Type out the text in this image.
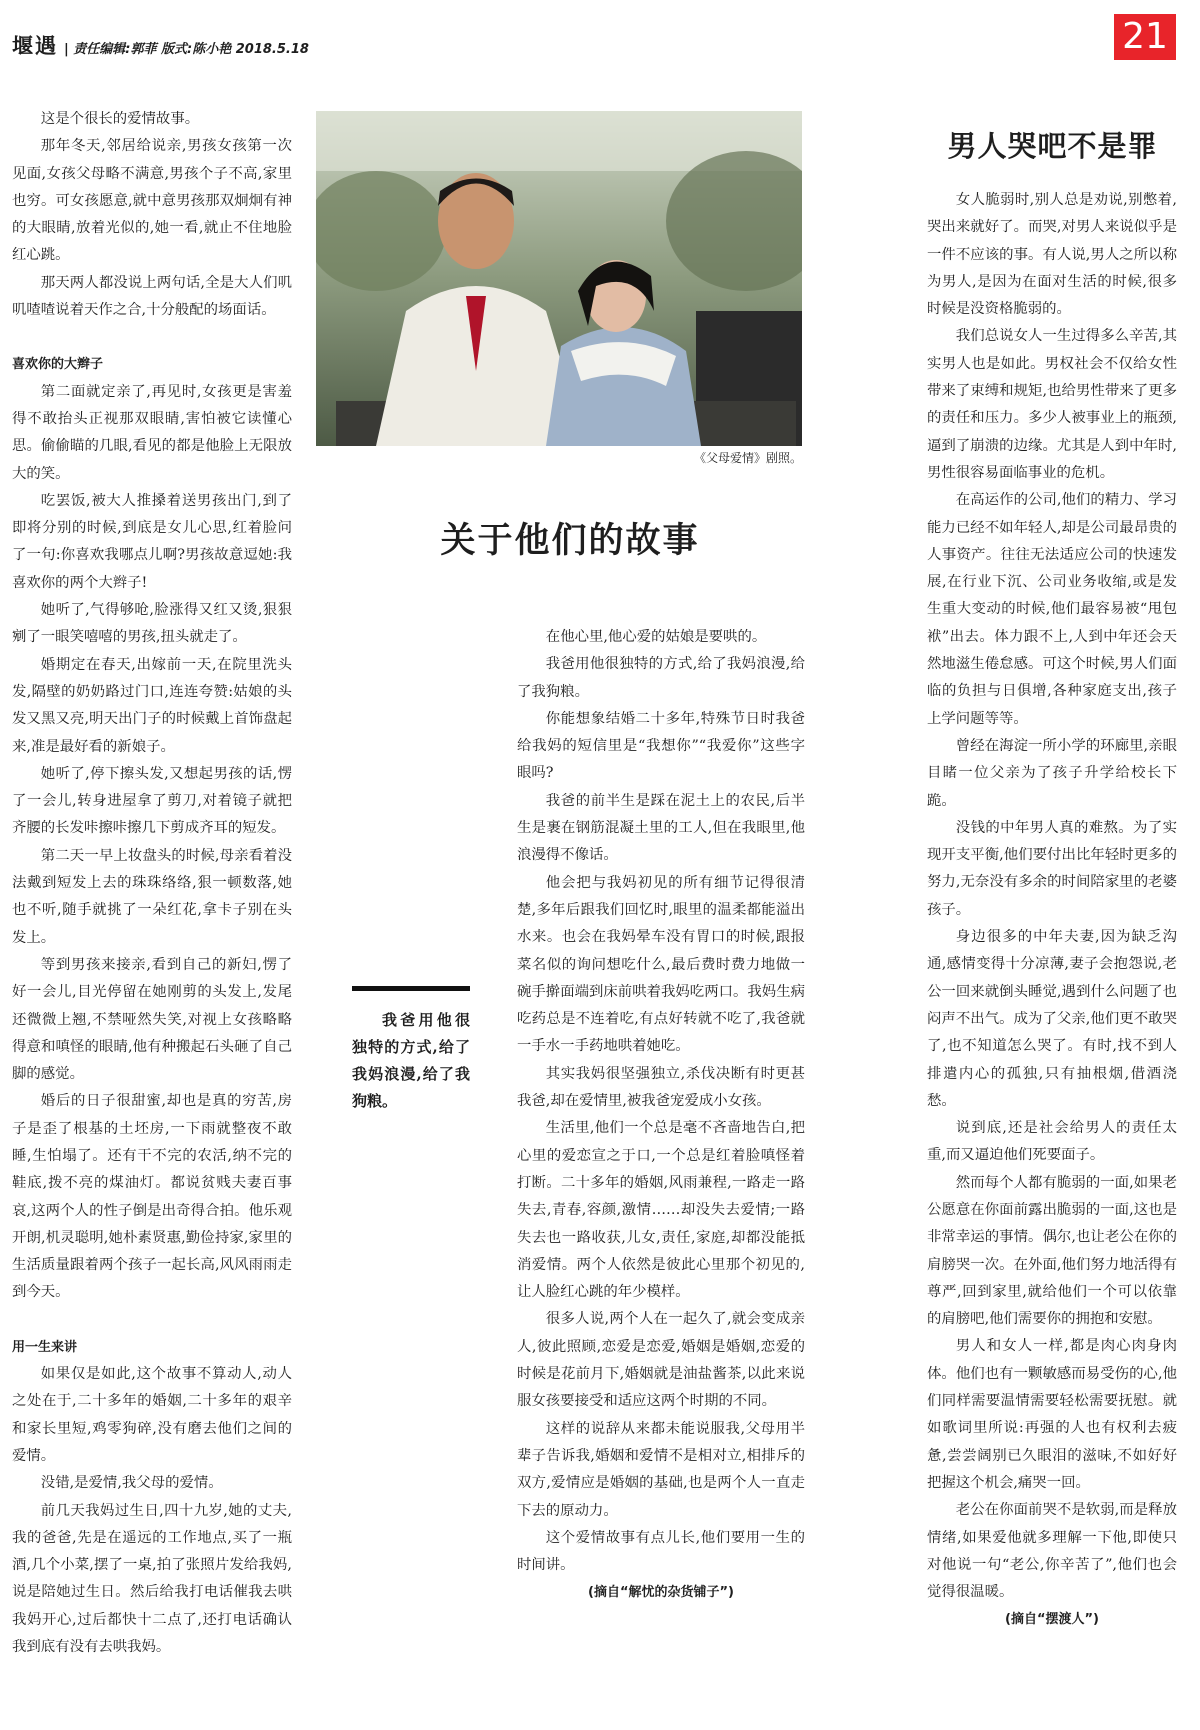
堰遇 | 责任编辑:郭菲 版式:陈小艳 2018.5.18	21

这是个很长的爱情故事。

那年冬天,邻居给说亲,男孩女孩第一次见面,女孩父母略不满意,男孩个子不高,家里也穷。可女孩愿意,就中意男孩那双炯炯有神的大眼睛,放着光似的,她一看,就止不住地脸红心跳。

那天两人都没说上两句话,全是大人们叽叽喳喳说着天作之合,十分般配的场面话。

喜欢你的大辫子

第二面就定亲了,再见时,女孩更是害羞得不敢抬头正视那双眼睛,害怕被它读懂心思。偷偷瞄的几眼,看见的都是他脸上无限放大的笑。

吃罢饭,被大人推搡着送男孩出门,到了即将分别的时候,到底是女儿心思,红着脸问了一句:你喜欢我哪点儿啊?男孩故意逗她:我喜欢你的两个大辫子!

她听了,气得够呛,脸涨得又红又烫,狠狠剜了一眼笑嘻嘻的男孩,扭头就走了。

婚期定在春天,出嫁前一天,在院里洗头发,隔壁的奶奶路过门口,连连夸赞:姑娘的头发又黑又亮,明天出门子的时候戴上首饰盘起来,准是最好看的新娘子。

她听了,停下擦头发,又想起男孩的话,愣了一会儿,转身进屋拿了剪刀,对着镜子就把齐腰的长发咔擦咔擦几下剪成齐耳的短发。

第二天一早上妆盘头的时候,母亲看着没法戴到短发上去的珠珠络络,狠一顿数落,她也不听,随手就挑了一朵红花,拿卡子别在头发上。

等到男孩来接亲,看到自己的新妇,愣了好一会儿,目光停留在她刚剪的头发上,发尾还微微上翘,不禁哑然失笑,对视上女孩略略得意和嗔怪的眼睛,他有种搬起石头砸了自己脚的感觉。

婚后的日子很甜蜜,却也是真的穷苦,房子是歪了根基的土坯房,一下雨就整夜不敢睡,生怕塌了。还有干不完的农活,纳不完的鞋底,拨不亮的煤油灯。都说贫贱夫妻百事哀,这两个人的性子倒是出奇得合拍。他乐观开朗,机灵聪明,她朴素贤惠,勤俭持家,家里的生活质量跟着两个孩子一起长高,风风雨雨走到今天。

用一生来讲

如果仅是如此,这个故事不算动人,动人之处在于,二十多年的婚姻,二十多年的艰辛和家长里短,鸡零狗碎,没有磨去他们之间的爱情。

没错,是爱情,我父母的爱情。

前几天我妈过生日,四十九岁,她的丈夫,我的爸爸,先是在遥远的工作地点,买了一瓶酒,几个小菜,摆了一桌,拍了张照片发给我妈,说是陪她过生日。然后给我打电话催我去哄我妈开心,过后都快十二点了,还打电话确认我到底有没有去哄我妈。

《父母爱情》剧照。
关于他们的故事
我爸用他很独特的方式,给了我妈浪漫,给了我狗粮。

在他心里,他心爱的姑娘是要哄的。

我爸用他很独特的方式,给了我妈浪漫,给了我狗粮。

你能想象结婚二十多年,特殊节日时我爸给我妈的短信里是“我想你”“我爱你”这些字眼吗?

我爸的前半生是踩在泥土上的农民,后半生是裹在钢筋混凝土里的工人,但在我眼里,他浪漫得不像话。

他会把与我妈初见的所有细节记得很清楚,多年后跟我们回忆时,眼里的温柔都能溢出水来。也会在我妈晕车没有胃口的时候,跟报菜名似的询问想吃什么,最后费时费力地做一碗手擀面端到床前哄着我妈吃两口。我妈生病吃药总是不连着吃,有点好转就不吃了,我爸就一手水一手药地哄着她吃。

其实我妈很坚强独立,杀伐决断有时更甚我爸,却在爱情里,被我爸宠爱成小女孩。

生活里,他们一个总是毫不吝啬地告白,把心里的爱恋宣之于口,一个总是红着脸嗔怪着打断。二十多年的婚姻,风雨兼程,一路走一路失去,青春,容颜,激情……却没失去爱情;一路失去也一路收获,儿女,责任,家庭,却都没能抵消爱情。两个人依然是彼此心里那个初见的,让人脸红心跳的年少模样。

很多人说,两个人在一起久了,就会变成亲人,彼此照顾,恋爱是恋爱,婚姻是婚姻,恋爱的时候是花前月下,婚姻就是油盐酱茶,以此来说服女孩要接受和适应这两个时期的不同。

这样的说辞从来都未能说服我,父母用半辈子告诉我,婚姻和爱情不是相对立,相排斥的双方,爱情应是婚姻的基础,也是两个人一直走下去的原动力。

这个爱情故事有点儿长,他们要用一生的时间讲。

(摘自“解忧的杂货铺子”)

男人哭吧不是罪

女人脆弱时,别人总是劝说,别憋着,哭出来就好了。而哭,对男人来说似乎是一件不应该的事。有人说,男人之所以称为男人,是因为在面对生活的时候,很多时候是没资格脆弱的。

我们总说女人一生过得多么辛苦,其实男人也是如此。男权社会不仅给女性带来了束缚和规矩,也给男性带来了更多的责任和压力。多少人被事业上的瓶颈,逼到了崩溃的边缘。尤其是人到中年时,男性很容易面临事业的危机。

在高运作的公司,他们的精力、学习能力已经不如年轻人,却是公司最昂贵的人事资产。往往无法适应公司的快速发展,在行业下沉、公司业务收缩,或是发生重大变动的时候,他们最容易被“甩包袱”出去。体力跟不上,人到中年还会天然地滋生倦怠感。可这个时候,男人们面临的负担与日俱增,各种家庭支出,孩子上学问题等等。

曾经在海淀一所小学的环廊里,亲眼目睹一位父亲为了孩子升学给校长下跪。

没钱的中年男人真的难熬。为了实现开支平衡,他们要付出比年轻时更多的努力,无奈没有多余的时间陪家里的老婆孩子。

身边很多的中年夫妻,因为缺乏沟通,感情变得十分凉薄,妻子会抱怨说,老公一回来就倒头睡觉,遇到什么问题了也闷声不出气。成为了父亲,他们更不敢哭了,也不知道怎么哭了。有时,找不到人排遣内心的孤独,只有抽根烟,借酒浇愁。

说到底,还是社会给男人的责任太重,而又逼迫他们死要面子。

然而每个人都有脆弱的一面,如果老公愿意在你面前露出脆弱的一面,这也是非常幸运的事情。偶尔,也让老公在你的肩膀哭一次。在外面,他们努力地活得有尊严,回到家里,就给他们一个可以依靠的肩膀吧,他们需要你的拥抱和安慰。

男人和女人一样,都是肉心肉身肉体。他们也有一颗敏感而易受伤的心,他们同样需要温情需要轻松需要抚慰。就如歌词里所说:再强的人也有权利去疲惫,尝尝阔别已久眼泪的滋味,不如好好把握这个机会,痛哭一回。

老公在你面前哭不是软弱,而是释放情绪,如果爱他就多理解一下他,即使只对他说一句“老公,你辛苦了”,他们也会觉得很温暖。

(摘自“摆渡人”)
